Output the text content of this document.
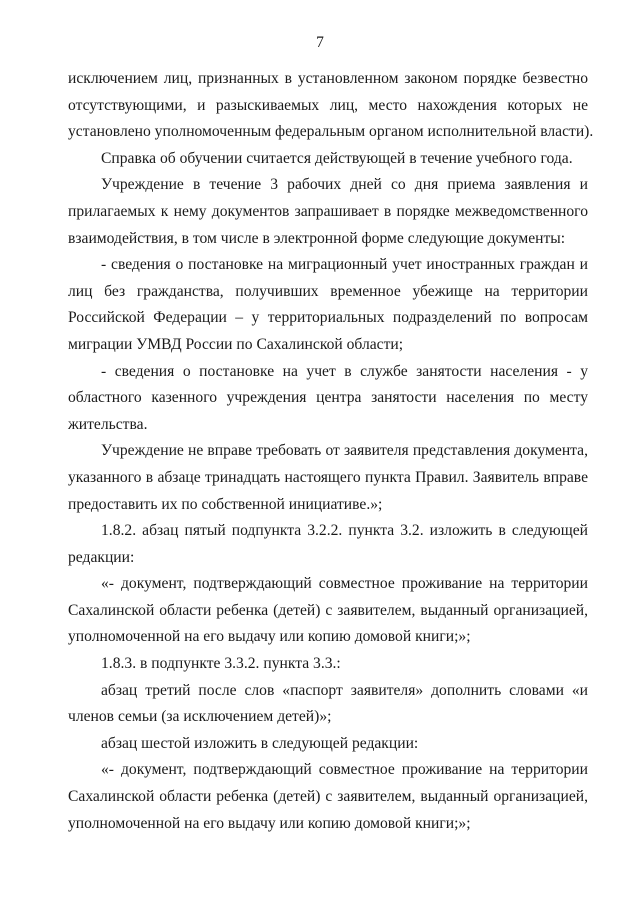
7
исключением лиц, признанных в установленном законом порядке безвестно
отсутствующими, и разыскиваемых лиц, место нахождения которых не
установлено уполномоченным федеральным органом исполнительной власти).
Справка об обучении считается действующей в течение учебного года.
Учреждение в течение 3 рабочих дней со дня приема заявления и
прилагаемых к нему документов запрашивает в порядке межведомственного
взаимодействия, в том числе в электронной форме следующие документы:
- сведения о постановке на миграционный учет иностранных граждан и
лиц без гражданства, получивших временное убежище на территории
Российской Федерации – у территориальных подразделений по вопросам
миграции УМВД России по Сахалинской области;
- сведения о постановке на учет в службе занятости населения - у
областного казенного учреждения центра занятости населения по месту
жительства.
Учреждение не вправе требовать от заявителя представления документа,
указанного в абзаце тринадцать настоящего пункта Правил. Заявитель вправе
предоставить их по собственной инициативе.»;
1.8.2. абзац пятый подпункта 3.2.2. пункта 3.2. изложить в следующей
редакции:
«- документ, подтверждающий совместное проживание на территории
Сахалинской области ребенка (детей) с заявителем, выданный организацией,
уполномоченной на его выдачу или копию домовой книги;»;
1.8.3. в подпункте 3.3.2. пункта 3.3.:
абзац третий после слов «паспорт заявителя» дополнить словами «и
членов семьи (за исключением детей)»;
абзац шестой изложить в следующей редакции:
«- документ, подтверждающий совместное проживание на территории
Сахалинской области ребенка (детей) с заявителем, выданный организацией,
уполномоченной на его выдачу или копию домовой книги;»;
